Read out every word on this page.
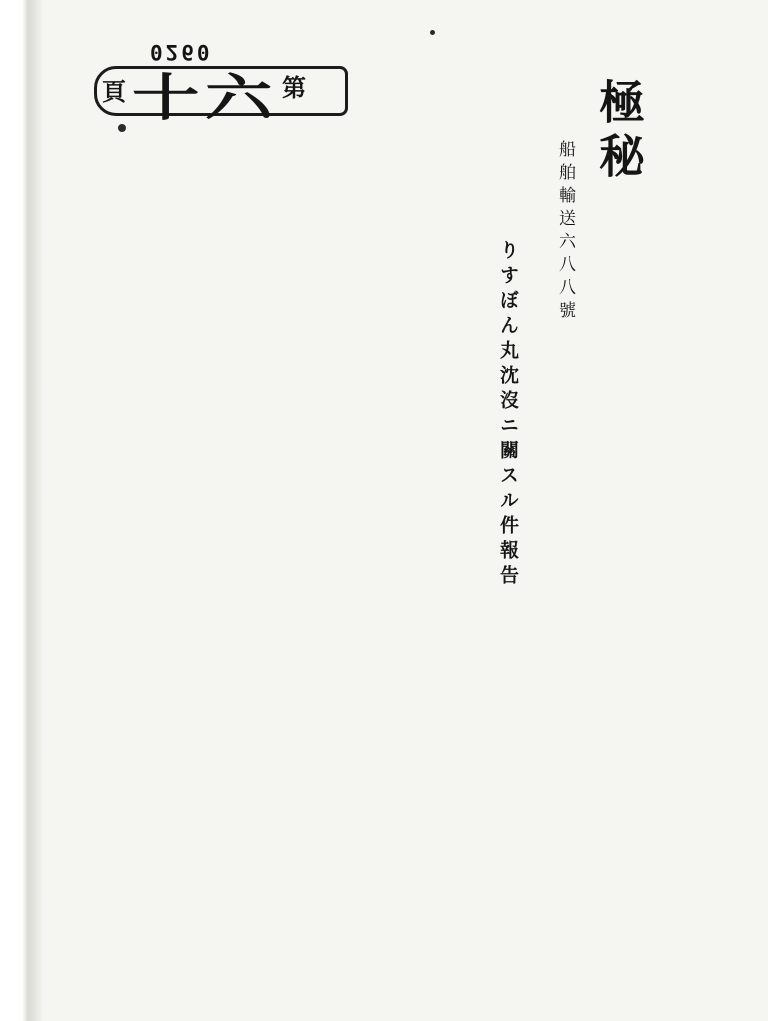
0260
頁 十六 第	極秘
船舶輸送六八八號
りすぼん丸沈沒ニ關スル件報告
